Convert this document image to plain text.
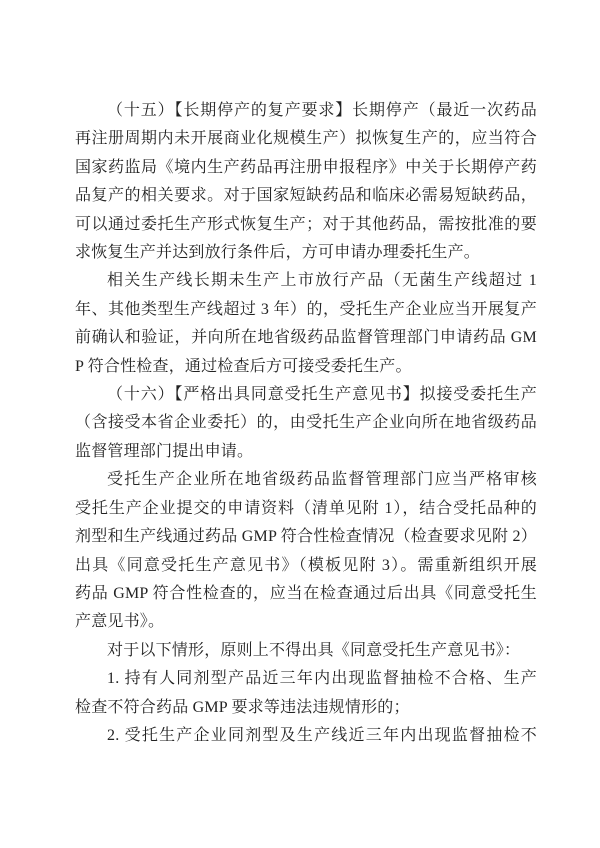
（十五）【长期停产的复产要求】长期停产（最近一次药品
再注册周期内未开展商业化规模生产）拟恢复生产的，应当符合
国家药监局《境内生产药品再注册申报程序》中关于长期停产药
品复产的相关要求。对于国家短缺药品和临床必需易短缺药品，
可以通过委托生产形式恢复生产；对于其他药品，需按批准的要
求恢复生产并达到放行条件后，方可申请办理委托生产。
相关生产线长期未生产上市放行产品（无菌生产线超过 1
年、其他类型生产线超过 3 年）的，受托生产企业应当开展复产
前确认和验证，并向所在地省级药品监督管理部门申请药品 GM
P 符合性检查，通过检查后方可接受委托生产。
（十六）【严格出具同意受托生产意见书】拟接受委托生产
（含接受本省企业委托）的，由受托生产企业向所在地省级药品
监督管理部门提出申请。
受托生产企业所在地省级药品监督管理部门应当严格审核
受托生产企业提交的申请资料（清单见附 1），结合受托品种的
剂型和生产线通过药品 GMP 符合性检查情况（检查要求见附 2）
出具《同意受托生产意见书》（模板见附 3）。需重新组织开展
药品 GMP 符合性检查的，应当在检查通过后出具《同意受托生
产意见书》。
对于以下情形，原则上不得出具《同意受托生产意见书》：
1. 持有人同剂型产品近三年内出现监督抽检不合格、生产
检查不符合药品 GMP 要求等违法违规情形的；
2. 受托生产企业同剂型及生产线近三年内出现监督抽检不
